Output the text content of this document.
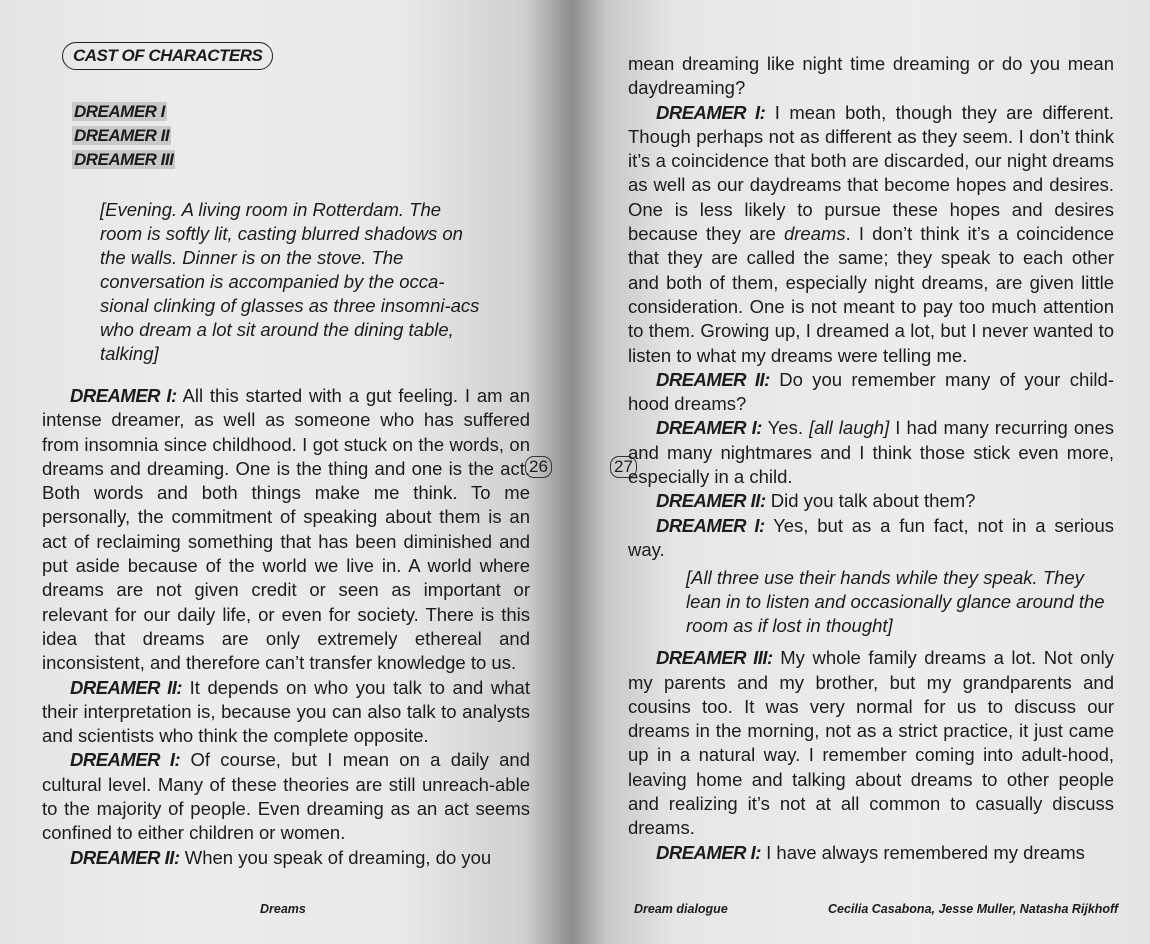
CAST OF CHARACTERS
DREAMER I
DREAMER II
DREAMER III

[Evening. A living room in Rotterdam. The room is softly lit, casting blurred shadows on the walls. Dinner is on the stove. The conversation is accompanied by the occa-sional clinking of glasses as three insomni-acs who dream a lot sit around the dining table, talking]

DREAMER I: All this started with a gut feeling. I am an intense dreamer, as well as someone who has suffered from insomnia since childhood. I got stuck on the words, on dreams and dreaming. One is the thing and one is the act. Both words and both things make me think. To me personally, the commitment of speaking about them is an act of reclaiming something that has been diminished and put aside because of the world we live in. A world where dreams are not given credit or seen as important or relevant for our daily life, or even for society. There is this idea that dreams are only extremely ethereal and inconsistent, and therefore can’t transfer knowledge to us.

DREAMER II: It depends on who you talk to and what their interpretation is, because you can also talk to analysts and scientists who think the complete opposite.

DREAMER I: Of course, but I mean on a daily and cultural level. Many of these theories are still unreach-able to the majority of people. Even dreaming as an act seems confined to either children or women.

DREAMER II: When you speak of dreaming, do you

26
Dreams
27

mean dreaming like night time dreaming or do you mean daydreaming?

DREAMER I: I mean both, though they are different. Though perhaps not as different as they seem. I don’t think it’s a coincidence that both are discarded, our night dreams as well as our daydreams that become hopes and desires. One is less likely to pursue these hopes and desires because they are dreams. I don’t think it’s a coincidence that they are called the same; they speak to each other and both of them, especially night dreams, are given little consideration. One is not meant to pay too much attention to them. Growing up, I dreamed a lot, but I never wanted to listen to what my dreams were telling me.

DREAMER II: Do you remember many of your child-hood dreams?

DREAMER I: Yes. [all laugh] I had many recurring ones and many nightmares and I think those stick even more, especially in a child.

DREAMER II: Did you talk about them?

DREAMER I: Yes, but as a fun fact, not in a serious way.

[All three use their hands while they speak. They lean in to listen and occasionally glance around the room as if lost in thought]

DREAMER III: My whole family dreams a lot. Not only my parents and my brother, but my grandparents and cousins too. It was very normal for us to discuss our dreams in the morning, not as a strict practice, it just came up in a natural way. I remember coming into adult-hood, leaving home and talking about dreams to other people and realizing it’s not at all common to casually discuss dreams.

DREAMER I: I have always remembered my dreams

Dream dialogue	Cecilia Casabona, Jesse Muller, Natasha Rijkhoff
